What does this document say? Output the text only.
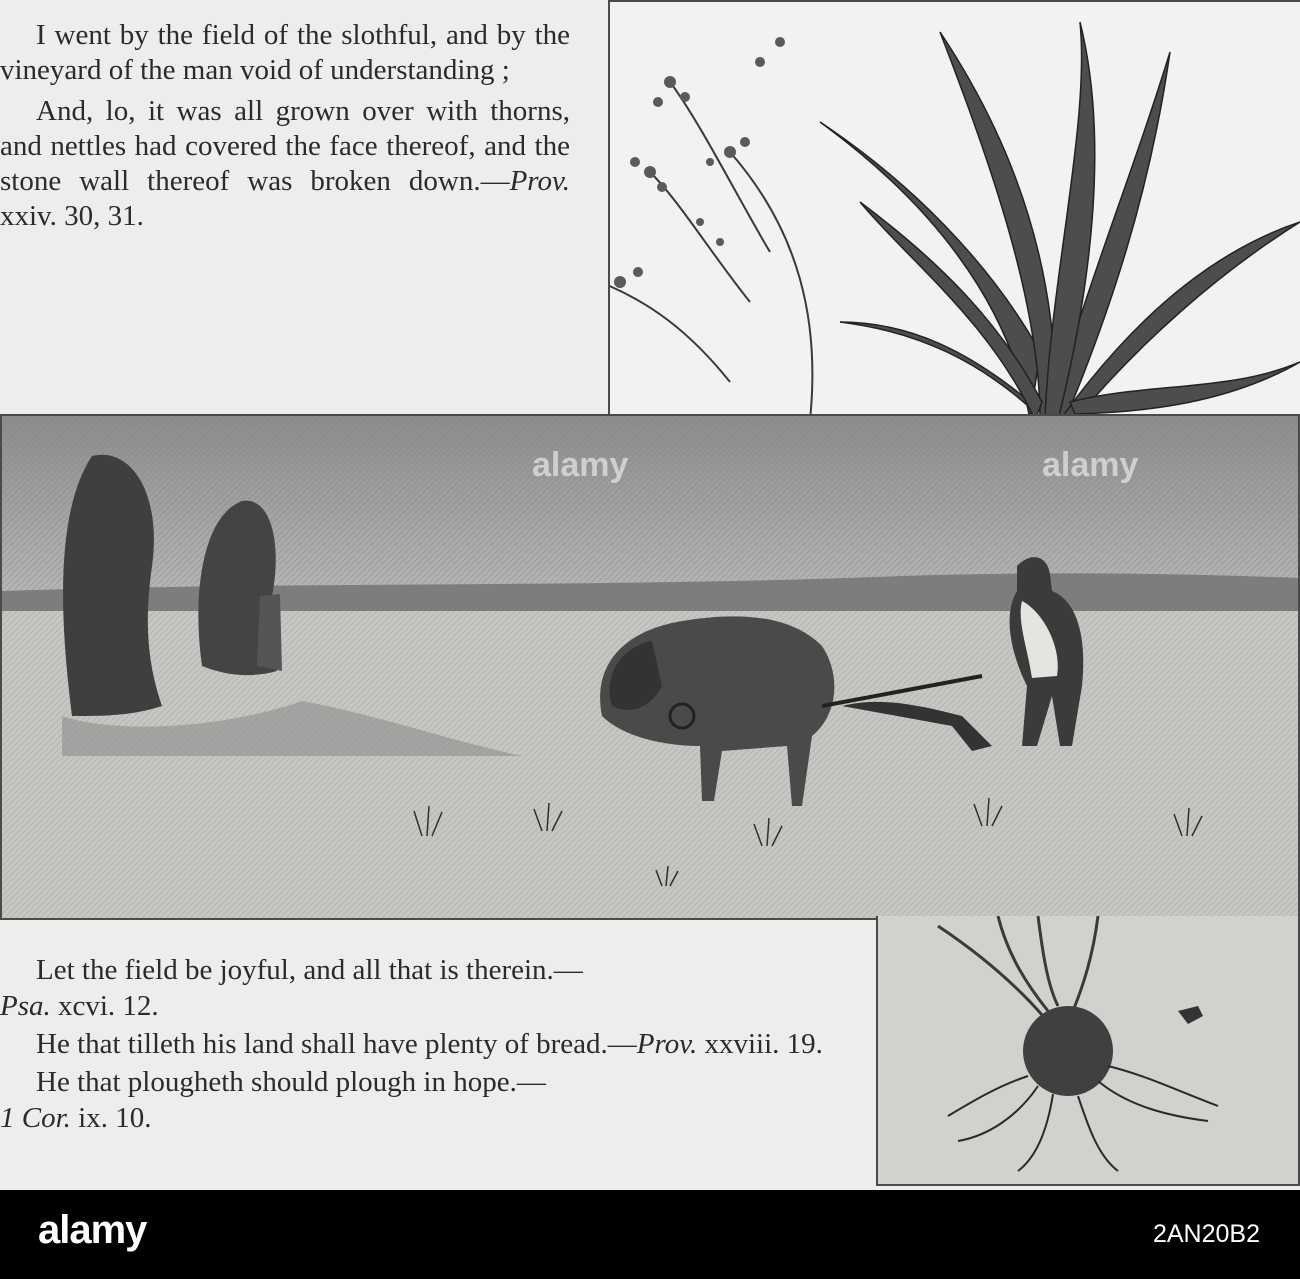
I went by the field of the slothful, and by the vineyard of the man void of understanding ;

And, lo, it was all grown over with thorns, and nettles had covered the face thereof, and the stone wall thereof was broken down.—Prov. xxiv. 30, 31.

alamy	alamy

Let the field be joyful, and all that is therein.—
Psa. xcvi. 12.

He that tilleth his land shall have plenty of bread.—Prov. xxviii. 19.

He that plougheth should plough in hope.—
1 Cor. ix. 10.

alamy	2AN20B2
